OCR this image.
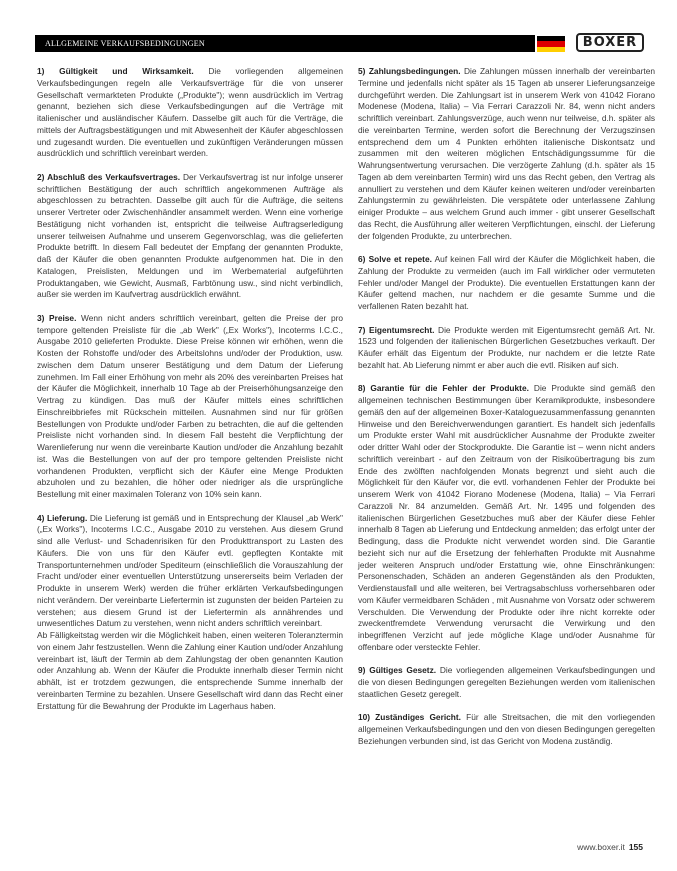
ALLGEMEINE VERKAUFSBEDINGUNGEN	BOXER

1) Gültigkeit und Wirksamkeit. Die vorliegenden allgemeinen Verkaufsbedingungen regeln alle Verkaufsverträge für die von unserer Gesellschaft vermarkteten Produkte („Produkte"); wenn ausdrücklich im Vertrag genannt, beziehen sich diese Verkaufsbedingungen auf die Verträge mit italienischer und ausländischer Käufern. Dasselbe gilt auch für die Verträge, die mittels der Auftragsbestätigungen und mit Abwesenheit der Käufer abgeschlossen und zugesandt wurden. Die eventuellen und zukünftigen Veränderungen müssen ausdrücklich und schriftlich vereinbart werden.

2) Abschluß des Verkaufsvertrages. Der Verkaufsvertrag ist nur infolge unserer schriftlichen Bestätigung der auch schriftlich angekommenen Aufträge als abgeschlossen zu betrachten. Dasselbe gilt auch für die Aufträge, die seitens unserer Vertreter oder Zwischenhändler ansammelt werden. Wenn eine vorherige Bestätigung nicht vorhanden ist, entspricht die teilweise Auftragserledigung unserer teilweisen Aufnahme und unserem Gegenvorschlag, was die gelieferten Produkte betrifft. In diesem Fall bedeutet der Empfang der genannten Produkte, daß der Käufer die oben genannten Produkte aufgenommen hat. Die in den Katalogen, Preislisten, Meldungen und im Werbematerial aufgeführten Produktangaben, wie Gewicht, Ausmaß, Farbtönung usw., sind nicht verbindlich, außer sie werden im Kaufvertrag ausdrücklich erwähnt.

3) Preise. Wenn nicht anders schriftlich vereinbart, gelten die Preise der pro tempore geltenden Preisliste für die „ab Werk" („Ex Works"), Incoterms I.C.C., Ausgabe 2010 gelieferten Produkte. Diese Preise können wir erhöhen, wenn die Kosten der Rohstoffe und/oder des Arbeitslohns und/oder der Produktion, usw. zwischen dem Datum unserer Bestätigung und dem Datum der Lieferung zunehmen. Im Fall einer Erhöhung von mehr als 20% des vereinbarten Preises hat der Käufer die Möglichkeit, innerhalb 10 Tage ab der Preiserhöhungsanzeige den Vertrag zu kündigen. Das muß der Käufer mittels eines schriftlichen Einschreibbriefes mit Rückschein mitteilen. Ausnahmen sind nur für größen Bestellungen von Produkte und/oder Farben zu betrachten, die auf die geltenden Preisliste nicht vorhanden sind. In diesem Fall besteht die Verpflichtung der Warenlieferung nur wenn die vereinbarte Kaution und/oder die Anzahlung bezahlt ist. Was die Bestellungen von auf der pro tempore geltenden Preisliste nicht vorhandenen Produkten, verpflicht sich der Käufer eine Menge Produkten abzuholen und zu bezahlen, die höher oder niedriger als die ursprüngliche Bestellung mit einer maximalen Toleranz von 10% sein kann.

4) Lieferung. Die Lieferung ist gemäß und in Entsprechung der Klausel „ab Werk" („Ex Works"), Incoterms I.C.C., Ausgabe 2010 zu verstehen. Aus diesem Grund sind alle Verlust- und Schadenrisiken für den Produkttransport zu Lasten des Käufers. Die von uns für den Käufer evtl. gepflegten Kontakte mit Transportunternehmen und/oder Spediteurn (einschließlich die Vorauszahlung der Fracht und/oder einer eventuellen Unterstützung unsererseits beim Verladen der Produkte in unserem Werk) werden die früher erklärten Verkaufsbedingungen nicht verändern. Der vereinbarte Liefertermin ist zugunsten der beiden Parteien zu verstehen; aus diesem Grund ist der Liefertermin als annährendes und unwesentliches Datum zu verstehen, wenn nicht anders schriftlich vereinbart.

Ab Fälligkeitstag werden wir die Möglichkeit haben, einen weiteren Toleranztermin von einem Jahr festzustellen. Wenn die Zahlung einer Kaution und/oder Anzahlung vereinbart ist, läuft der Termin ab dem Zahlungstag der oben genannten Kaution oder Anzahlung ab. Wenn der Käufer die Produkte innerhalb dieser Termin nicht abhält, ist er trotzdem gezwungen, die entsprechende Summe innerhalb der vereinbarten Termine zu bezahlen. Unsere Gesellschaft wird dann das Recht einer Erstattung für die Bewahrung der Produkte im Lagerhaus haben.

5) Zahlungsbedingungen. Die Zahlungen müssen innerhalb der vereinbarten Termine und jedenfalls nicht später als 15 Tagen ab unserer Lieferungsanzeige durchgeführt werden. Die Zahlungsart ist in unserem Werk von 41042 Fiorano Modenese (Modena, Italia) – Via Ferrari Carazzoli Nr. 84, wenn nicht anders schriftlich vereinbart. Zahlungsverzüge, auch wenn nur teilweise, d.h. später als die vereinbarten Termine, werden sofort die Berechnung der Verzugszinsen entsprechend dem um 4 Punkten erhöhten italienische Diskontsatz und zusammen mit den weiteren möglichen Entschädigungssumme für die Wahrungsentwertung verursachen. Die verzögerte Zahlung (d.h. später als 15 Tagen ab dem vereinbarten Termin) wird uns das Recht geben, den Vertrag als annulliert zu verstehen und dem Käufer keinen weiteren und/oder vereinbarten Zahlungstermin zu gewährleisten. Die verspätete oder unterlassene Zahlung einiger Produkte – aus welchem Grund auch immer - gibt unserer Gesellschaft das Recht, die Ausführung aller weiteren Verpflichtungen, einschl. der Lieferung der folgenden Produkte, zu unterbrechen.

6) Solve et repete. Auf keinen Fall wird der Käufer die Möglichkeit haben, die Zahlung der Produkte zu vermeiden (auch im Fall wirklicher oder vermuteten Fehler und/oder Mangel der Produkte). Die eventuellen Erstattungen kann der Käufer geltend machen, nur nachdem er die gesamte Summe und die verfallenen Raten bezahlt hat.

7) Eigentumsrecht. Die Produkte werden mit Eigentumsrecht gemäß Art. Nr. 1523 und folgenden der italienischen Bürgerlichen Gesetzbuches verkauft. Der Käufer erhält das Eigentum der Produkte, nur nachdem er die letzte Rate bezahlt hat. Ab Lieferung nimmt er aber auch die evtl. Risiken auf sich.

8) Garantie für die Fehler der Produkte. Die Produkte sind gemäß den allgemeinen technischen Bestimmungen über Keramikprodukte, insbesondere gemäß den auf der allgemeinen Boxer-Kataloguezusammenfassung genannten Hinweise und den Bereichverwendungen garantiert. Es handelt sich jedenfalls um Produkte erster Wahl mit ausdrücklicher Ausnahme der Produkte zweiter oder dritter Wahl oder der Stockprodukte. Die Garantie ist – wenn nicht anders schriftlich vereinbart - auf den Zeitraum von der Risikoübertragung bis zum Ende des zwölften nachfolgenden Monats begrenzt und sieht auch die Möglichkeit für den Käufer vor, die evtl. vorhandenen Fehler der Produkte bei unserem Werk von 41042 Fiorano Modenese (Modena, Italia) – Via Ferrari Carazzoli Nr. 84 anzumelden. Gemäß Art. Nr. 1495 und folgenden des italienischen Bürgerlichen Gesetzbuches muß aber der Käufer diese Fehler innerhalb 8 Tagen ab Lieferung und Entdeckung anmelden; das erfolgt unter der Bedingung, dass die Produkte nicht verwendet worden sind. Die Garantie bezieht sich nur auf die Ersetzung der fehlerhaften Produkte mit Ausnahme jeder weiteren Anspruch und/oder Erstattung wie, ohne Einschränkungen: Personenschaden, Schäden an anderen Gegenständen als den Produkten, Verdienstausfall und alle weiteren, bei Vertragsabschluss vorhersehbaren oder vom Käufer vermeidbaren Schäden , mit Ausnahme von Vorsatz oder schwerem Verschulden. Die Verwendung der Produkte oder ihre nicht korrekte oder zweckentfremdete Verwendung verursacht die Verwirkung und den inbegriffenen Verzicht auf jede mögliche Klage und/oder Ausnahme für offenbare oder versteckte Fehler.

9) Gültiges Gesetz. Die vorliegenden allgemeinen Verkaufsbedingungen und die von diesen Bedingungen geregelten Beziehungen werden vom italienischen staatlichen Gesetz geregelt.

10) Zuständiges Gericht. Für alle Streitsachen, die mit den vorliegenden allgemeinen Verkaufsbedingungen und den von diesen Bedingungen geregelten Beziehungen verbunden sind, ist das Gericht von Modena zuständig.

www.boxer.it 155
